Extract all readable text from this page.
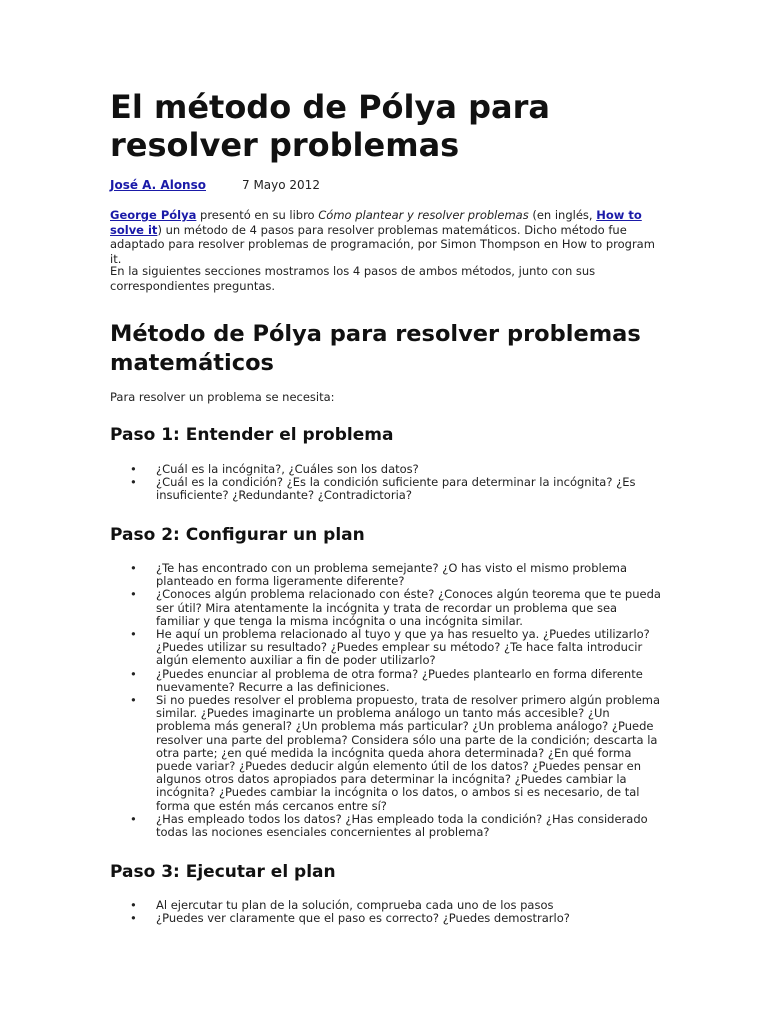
El método de Pólya para resolver problemas
José A. Alonso	7 Mayo 2012

George Pólya presentó en su libro Cómo plantear y resolver problemas (en inglés, How to solve it) un método de 4 pasos para resolver problemas matemáticos. Dicho método fue adaptado para resolver problemas de programación, por Simon Thompson en How to program it.

En la siguientes secciones mostramos los 4 pasos de ambos métodos, junto con sus correspondientes preguntas.

Método de Pólya para resolver problemas matemáticos

Para resolver un problema se necesita:

Paso 1: Entender el problema
• ¿Cuál es la incógnita?, ¿Cuáles son los datos?
• ¿Cuál es la condición? ¿Es la condición suficiente para determinar la incógnita? ¿Es insuficiente? ¿Redundante? ¿Contradictoria?
Paso 2: Configurar un plan
• ¿Te has encontrado con un problema semejante? ¿O has visto el mismo problema planteado en forma ligeramente diferente?
• ¿Conoces algún problema relacionado con éste? ¿Conoces algún teorema que te pueda ser útil? Mira atentamente la incógnita y trata de recordar un problema que sea familiar y que tenga la misma incógnita o una incógnita similar.
• He aquí un problema relacionado al tuyo y que ya has resuelto ya. ¿Puedes utilizarlo? ¿Puedes utilizar su resultado? ¿Puedes emplear su método? ¿Te hace falta introducir algún elemento auxiliar a fin de poder utilizarlo?
• ¿Puedes enunciar al problema de otra forma? ¿Puedes plantearlo en forma diferente nuevamente? Recurre a las definiciones.
• Si no puedes resolver el problema propuesto, trata de resolver primero algún problema similar. ¿Puedes imaginarte un problema análogo un tanto más accesible? ¿Un problema más general? ¿Un problema más particular? ¿Un problema análogo? ¿Puede resolver una parte del problema? Considera sólo una parte de la condición; descarta la otra parte; ¿en qué medida la incógnita queda ahora determinada? ¿En qué forma puede variar? ¿Puedes deducir algún elemento útil de los datos? ¿Puedes pensar en algunos otros datos apropiados para determinar la incógnita? ¿Puedes cambiar la incógnita? ¿Puedes cambiar la incógnita o los datos, o ambos si es necesario, de tal forma que estén más cercanos entre sí?
• ¿Has empleado todos los datos? ¿Has empleado toda la condición? ¿Has considerado todas las nociones esenciales concernientes al problema?
Paso 3: Ejecutar el plan
• Al ejercutar tu plan de la solución, comprueba cada uno de los pasos
• ¿Puedes ver claramente que el paso es correcto? ¿Puedes demostrarlo?
